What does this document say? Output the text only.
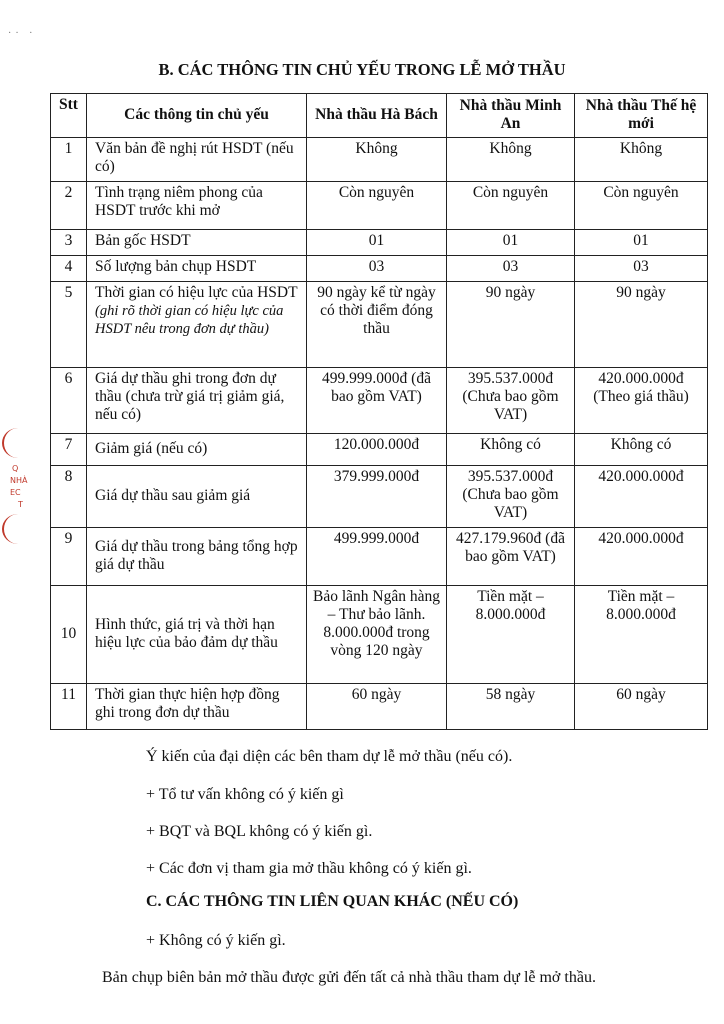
·· ·
Q
NHÀ
EC
T
B. CÁC THÔNG TIN CHỦ YẾU TRONG LỄ MỞ THẦU
Stt	Các thông tin chủ yếu	Nhà thầu Hà Bách	Nhà thầu Minh An	Nhà thầu Thế hệ mới
1	Văn bản đề nghị rút HSDT (nếu có)	Không	Không	Không
2	Tình trạng niêm phong của HSDT trước khi mở	Còn nguyên	Còn nguyên	Còn nguyên
3	Bản gốc HSDT	01	01	01
4	Số lượng bản chụp HSDT	03	03	03
5	Thời gian có hiệu lực của HSDT (ghi rõ thời gian có hiệu lực của HSDT nêu trong đơn dự thầu)	90 ngày kể từ ngày có thời điểm đóng thầu	90 ngày	90 ngày
6	Giá dự thầu ghi trong đơn dự thầu (chưa trừ giá trị giảm giá, nếu có)	499.999.000đ (đã bao gồm VAT)	395.537.000đ (Chưa bao gồm VAT)	420.000.000đ (Theo giá thầu)
7	Giảm giá (nếu có)	120.000.000đ	Không có	Không có
8	Giá dự thầu sau giảm giá	379.999.000đ	395.537.000đ (Chưa bao gồm VAT)	420.000.000đ
9	Giá dự thầu trong bảng tổng hợp giá dự thầu	499.999.000đ	427.179.960đ (đã bao gồm VAT)	420.000.000đ
10	Hình thức, giá trị và thời hạn hiệu lực của bảo đảm dự thầu	Bảo lãnh Ngân hàng – Thư bảo lãnh. 8.000.000đ trong vòng 120 ngày	Tiền mặt – 8.000.000đ	Tiền mặt – 8.000.000đ
11	Thời gian thực hiện hợp đồng ghi trong đơn dự thầu	60 ngày	58 ngày	60 ngày
Ý kiến của đại diện các bên tham dự lễ mở thầu (nếu có).
+ Tổ tư vấn không có ý kiến gì
+ BQT và BQL không có ý kiến gì.
+ Các đơn vị tham gia mở thầu không có ý kiến gì.
C. CÁC THÔNG TIN LIÊN QUAN KHÁC (NẾU CÓ)
+ Không có ý kiến gì.
Bản chụp biên bản mở thầu được gửi đến tất cả nhà thầu tham dự lễ mở thầu.
